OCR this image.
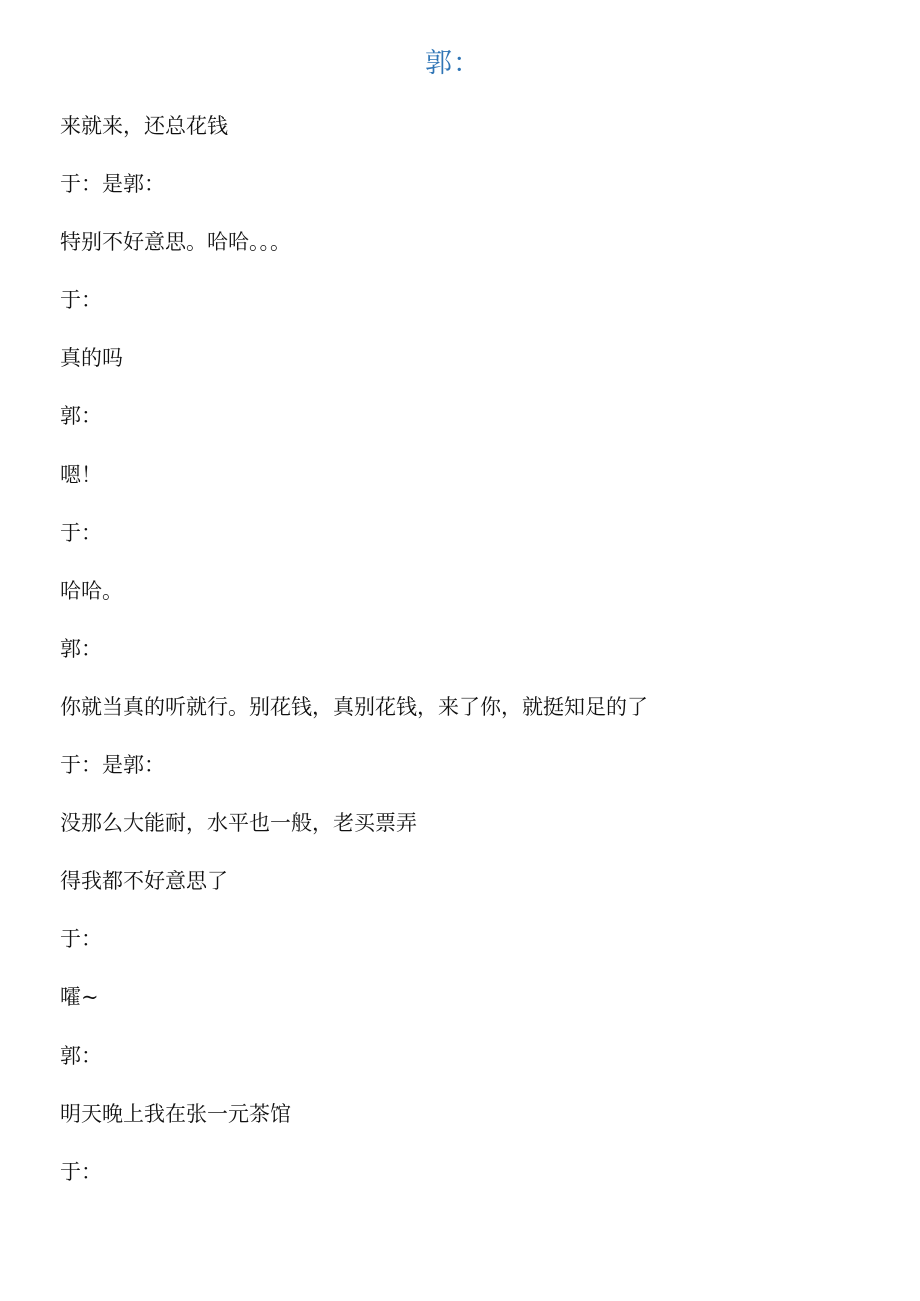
郭：
来就来，还总花钱
于：是郭：
特别不好意思。哈哈。。。
于：
真的吗
郭：
嗯！
于：
哈哈。
郭：
你就当真的听就行。别花钱，真别花钱，来了你，就挺知足的了
于：是郭：
没那么大能耐，水平也一般，老买票弄
得我都不好意思了
于：
嚯~
郭：
明天晚上我在张一元茶馆
于：
